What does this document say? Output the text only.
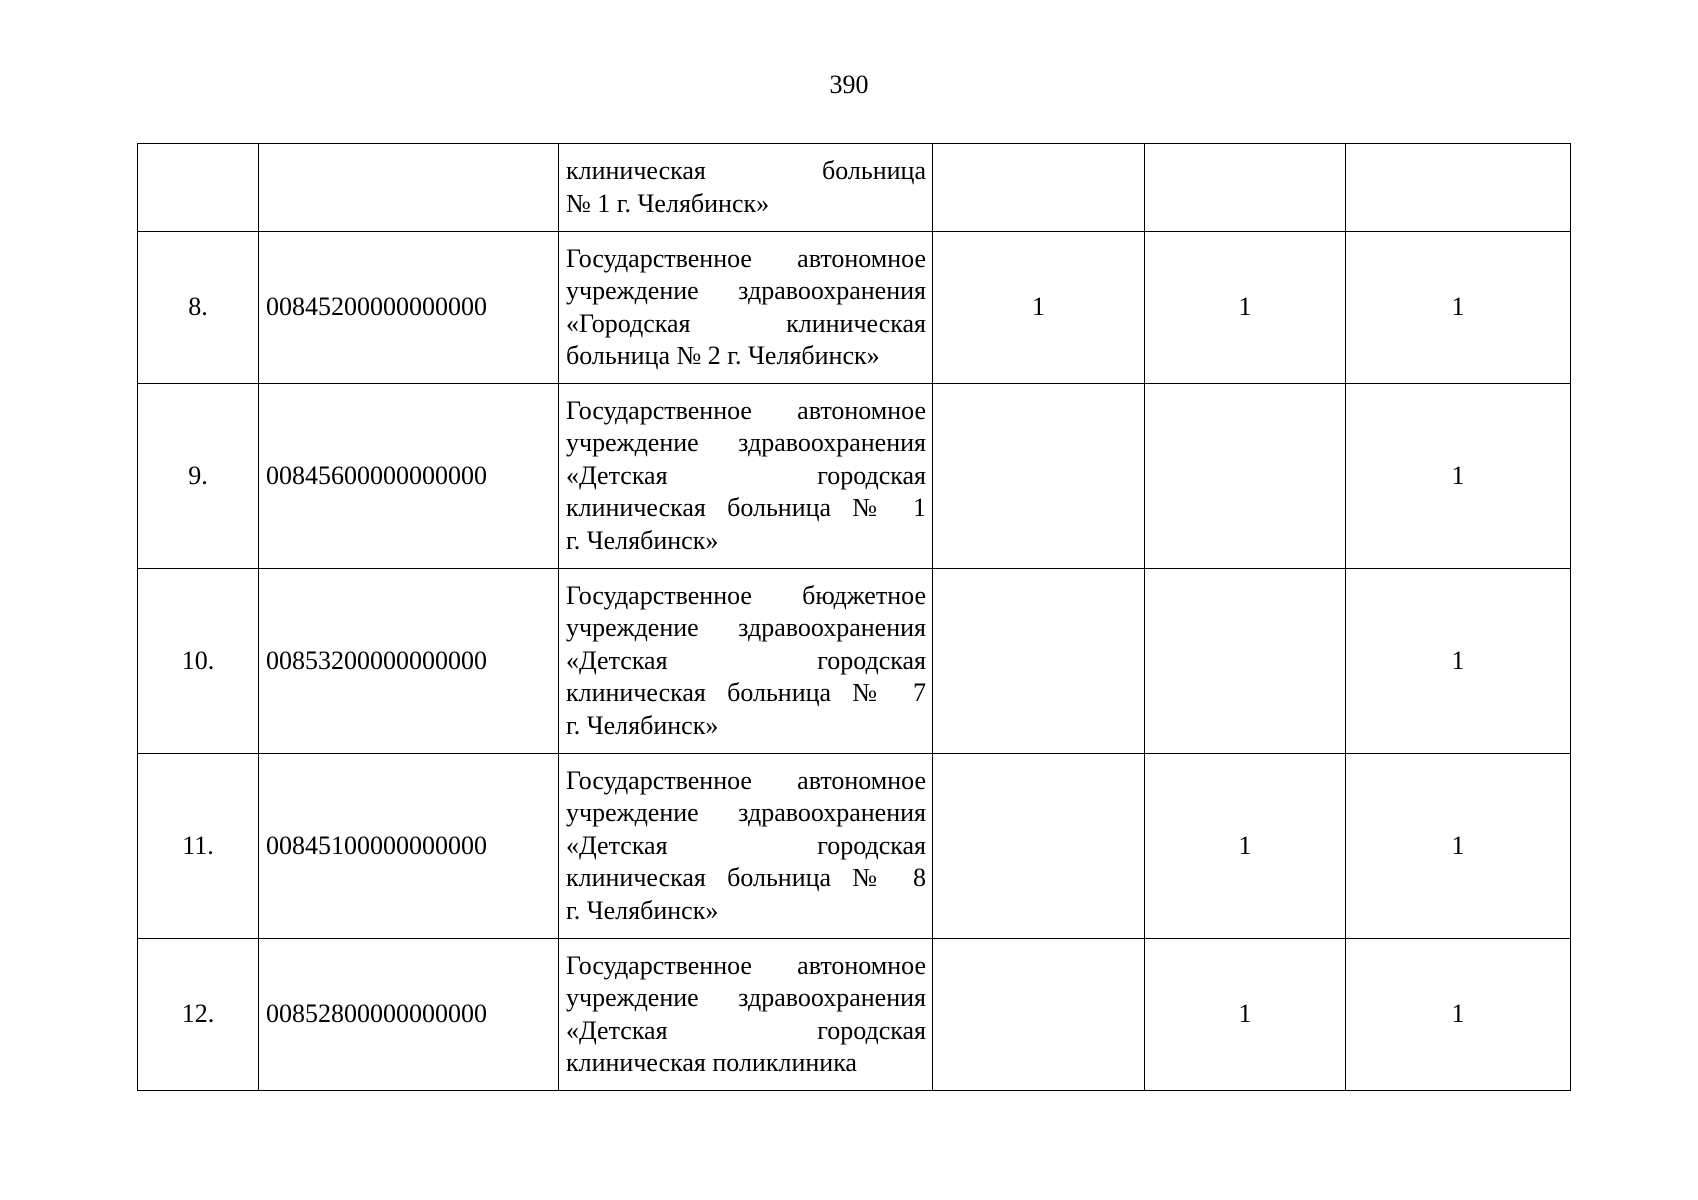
390

		клиническая больница
№ 1 г. Челябинск»			

8.	00845200000000000	Государственное автономное
учреждение здравоохранения
«Городская клиническая
больница № 2 г. Челябинск»	1	1	1
9.	00845600000000000	Государственное автономное
учреждение здравоохранения
«Детская городская
клиническая больница № 1
г. Челябинск»			1
10.	00853200000000000	Государственное бюджетное
учреждение здравоохранения
«Детская городская
клиническая больница № 7
г. Челябинск»			1
11.	00845100000000000	Государственное автономное
учреждение здравоохранения
«Детская городская
клиническая больница № 8
г. Челябинск»		1	1
12.	00852800000000000	Государственное автономное
учреждение здравоохранения
«Детская городская
клиническая поликлиника		1	1
